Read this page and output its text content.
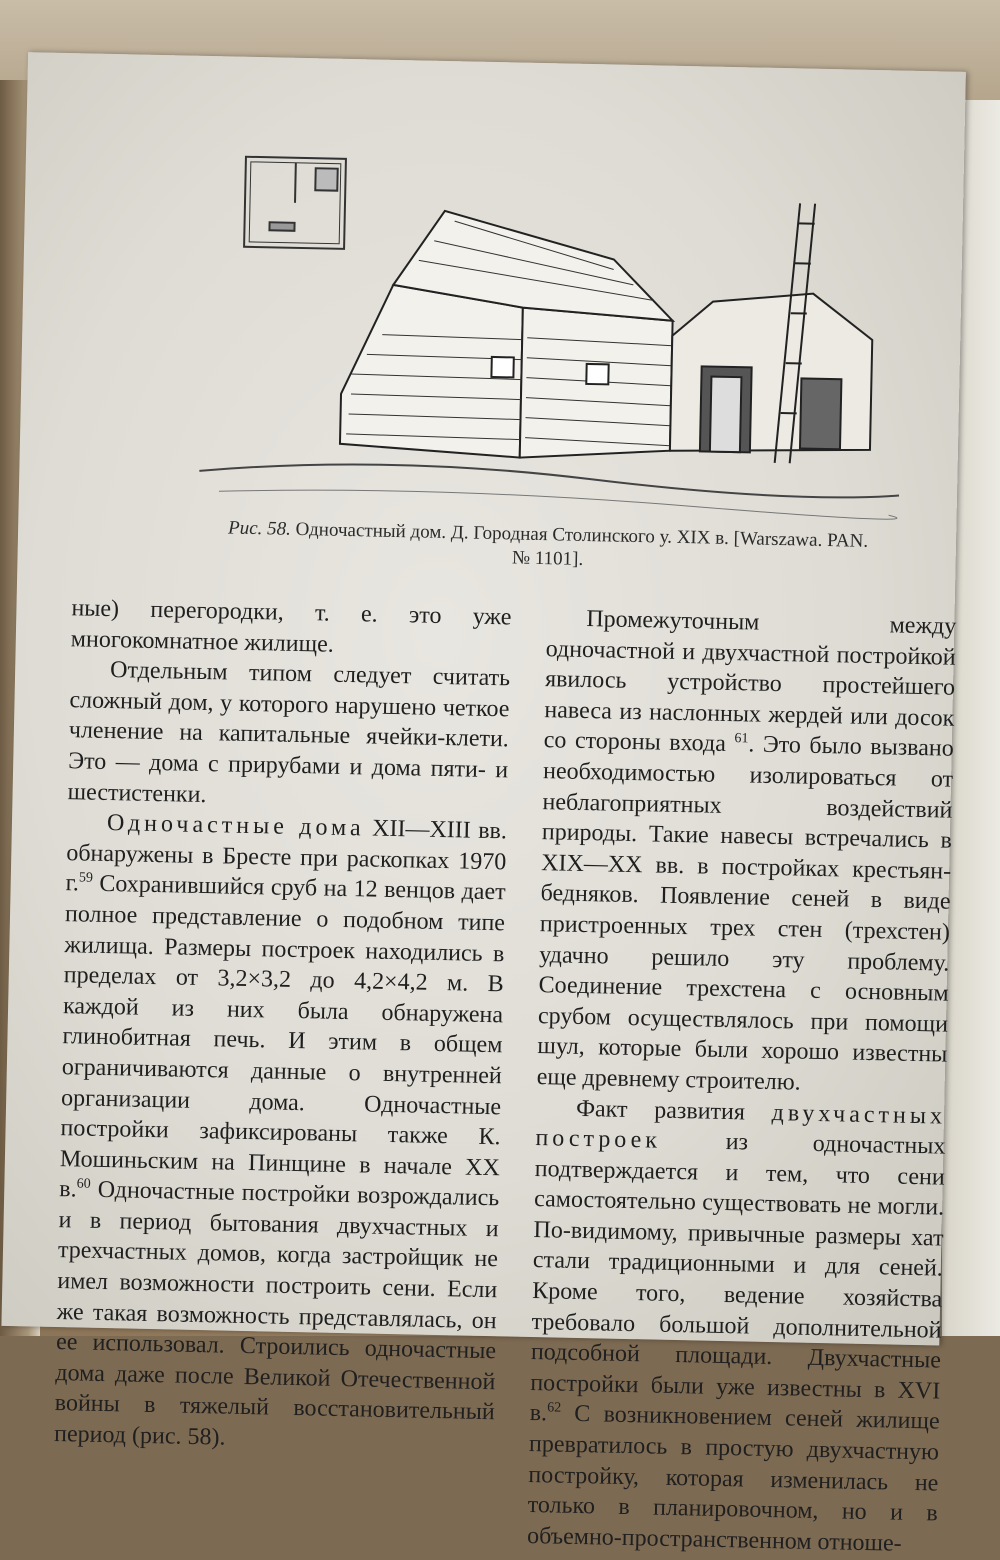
Рис. 58. Одночастный дом. Д. Городная Столинского у. XIX в. [Warszawa. PAN.
№ 1101].

ные) перегородки, т. е. это уже многокомнатное жилище.

Отдельным типом следует считать сложный дом, у которого нарушено четкое членение на капитальные ячейки-клети. Это — дома с прирубами и дома пяти- и шестистенки.

Одночастные дома XII—XIII вв. обнаружены в Бресте при раскопках 1970 г.$^{59}$ Сохранившийся сруб на 12 венцов дает полное представление о подобном типе жилища. Размеры построек находились в пределах от 3,2×3,2 до 4,2×4,2 м. В каждой из них была обнаружена глинобитная печь. И этим в общем ограничиваются данные о внутренней организации дома. Одночастные постройки зафиксированы также К. Мошиньским на Пинщине в начале XX в.$^{60}$ Одночастные постройки возрождались и в период бытования двухчастных и трехчастных домов, когда застройщик не имел возможности построить сени. Если же такая возможность представлялась, он ее использовал. Строились одночастные дома даже после Великой Отечественной войны в тяжелый восстановительный период (рис. 58).

Промежуточным между одночастной и двухчастной постройкой явилось устройство простейшего навеса из наслонных жердей или досок со стороны входа $^{61}$. Это было вызвано необходимостью изолироваться от неблагоприятных воздействий природы. Такие навесы встречались в XIX—XX вв. в постройках крестьян-бедняков. Появление сеней в виде пристроенных трех стен (трехстен) удачно решило эту проблему. Соединение трехстена с основным срубом осуществлялось при помощи шул, которые были хорошо известны еще древнему строителю.

Факт развития двухчастных построек из одночастных подтверждается и тем, что сени самостоятельно существовать не могли. По-видимому, привычные размеры хат стали традиционными и для сеней. Кроме того, ведение хозяйства требовало большой дополнительной подсобной площади. Двухчастные постройки были уже известны в XVI в.$^{62}$ С возникновением сеней жилище превратилось в простую двухчастную постройку, которая изменилась не только в планировочном, но и в объемно-пространственном отноше-
